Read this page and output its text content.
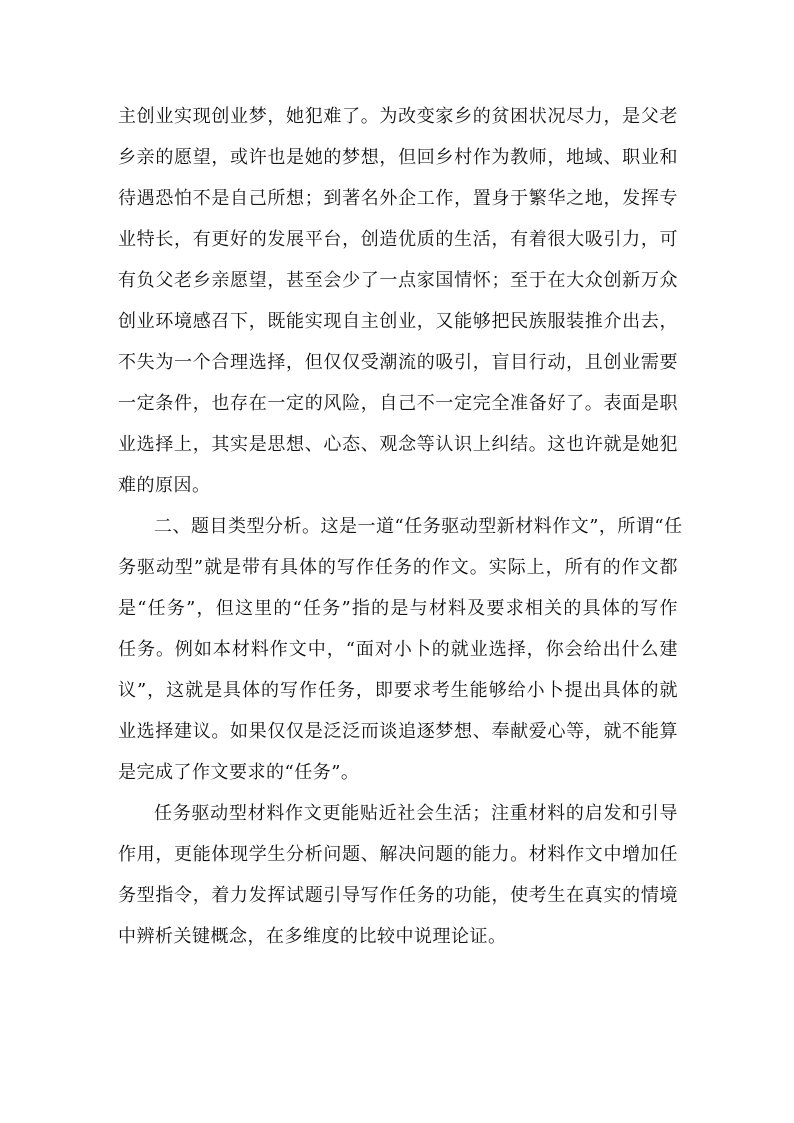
主创业实现创业梦，她犯难了。为改变家乡的贫困状况尽力，是父老
乡亲的愿望，或许也是她的梦想，但回乡村作为教师，地域、职业和
待遇恐怕不是自己所想；到著名外企工作，置身于繁华之地，发挥专
业特长，有更好的发展平台，创造优质的生活，有着很大吸引力，可
有负父老乡亲愿望，甚至会少了一点家国情怀；至于在大众创新万众
创业环境感召下，既能实现自主创业，又能够把民族服装推介出去，
不失为一个合理选择，但仅仅受潮流的吸引，盲目行动，且创业需要
一定条件，也存在一定的风险，自己不一定完全准备好了。表面是职
业选择上，其实是思想、心态、观念等认识上纠结。这也许就是她犯
难的原因。
二、题目类型分析。这是一道“任务驱动型新材料作文”，所谓“任
务驱动型”就是带有具体的写作任务的作文。实际上，所有的作文都
是“任务”，但这里的“任务”指的是与材料及要求相关的具体的写作
任务。例如本材料作文中，“面对小卜的就业选择，你会给出什么建
议”，这就是具体的写作任务，即要求考生能够给小卜提出具体的就
业选择建议。如果仅仅是泛泛而谈追逐梦想、奉献爱心等，就不能算
是完成了作文要求的“任务”。
任务驱动型材料作文更能贴近社会生活；注重材料的启发和引导
作用，更能体现学生分析问题、解决问题的能力。材料作文中增加任
务型指令，着力发挥试题引导写作任务的功能，使考生在真实的情境
中辨析关键概念，在多维度的比较中说理论证。
